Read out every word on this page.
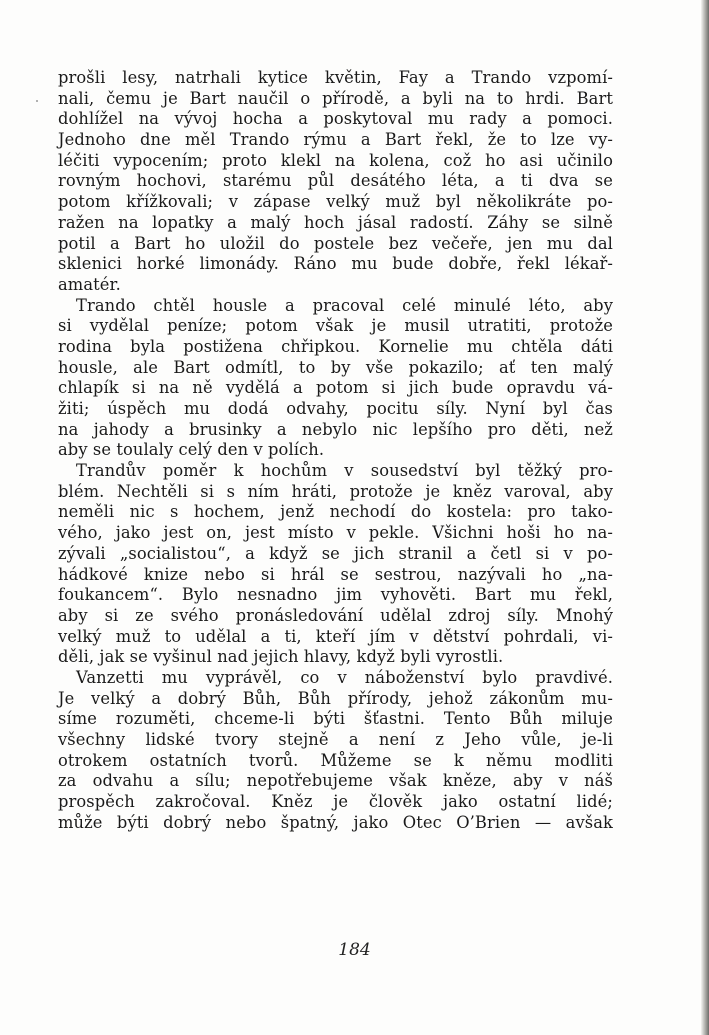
prošli lesy, natrhali kytice květin, Fay a Trando vzpomí-
nali, čemu je Bart naučil o přírodě, a byli na to hrdi. Bart
dohlížel na vývoj hocha a poskytoval mu rady a pomoci.
Jednoho dne měl Trando rýmu a Bart řekl, že to lze vy-
léčiti vypocením; proto klekl na kolena, což ho asi učinilo
rovným hochovi, starému půl desátého léta, a ti dva se
potom křížkovali; v zápase velký muž byl několikráte po-
ražen na lopatky a malý hoch jásal radostí. Záhy se silně
potil a Bart ho uložil do postele bez večeře, jen mu dal
sklenici horké limonády. Ráno mu bude dobře, řekl lékař-
amatér.
Trando chtěl housle a pracoval celé minulé léto, aby
si vydělal peníze; potom však je musil utratiti, protože
rodina byla postižena chřipkou. Kornelie mu chtěla dáti
housle, ale Bart odmítl, to by vše pokazilo; ať ten malý
chlapík si na ně vydělá a potom si jich bude opravdu vá-
žiti; úspěch mu dodá odvahy, pocitu síly. Nyní byl čas
na jahody a brusinky a nebylo nic lepšího pro děti, než
aby se toulaly celý den v polích.
Trandův poměr k hochům v sousedství byl těžký pro-
blém. Nechtěli si s ním hráti, protože je kněz varoval, aby
neměli nic s hochem, jenž nechodí do kostela: pro tako-
vého, jako jest on, jest místo v pekle. Všichni hoši ho na-
zývali „socialistou“, a když se jich stranil a četl si v po-
hádkové knize nebo si hrál se sestrou, nazývali ho „na-
foukancem“. Bylo nesnadno jim vyhověti. Bart mu řekl,
aby si ze svého pronásledování udělal zdroj síly. Mnohý
velký muž to udělal a ti, kteří jím v dětství pohrdali, vi-
děli, jak se vyšinul nad jejich hlavy, když byli vyrostli.
Vanzetti mu vyprávěl, co v náboženství bylo pravdivé.
Je velký a dobrý Bůh, Bůh přírody, jehož zákonům mu-
síme rozuměti, chceme-li býti šťastni. Tento Bůh miluje
všechny lidské tvory stejně a není z Jeho vůle, je-li
otrokem ostatních tvorů. Můžeme se k němu modliti
za odvahu a sílu; nepotřebujeme však kněze, aby v náš
prospěch zakročoval. Kněz je člověk jako ostatní lidé;
může býti dobrý nebo špatný, jako Otec O’Brien — avšak
184
